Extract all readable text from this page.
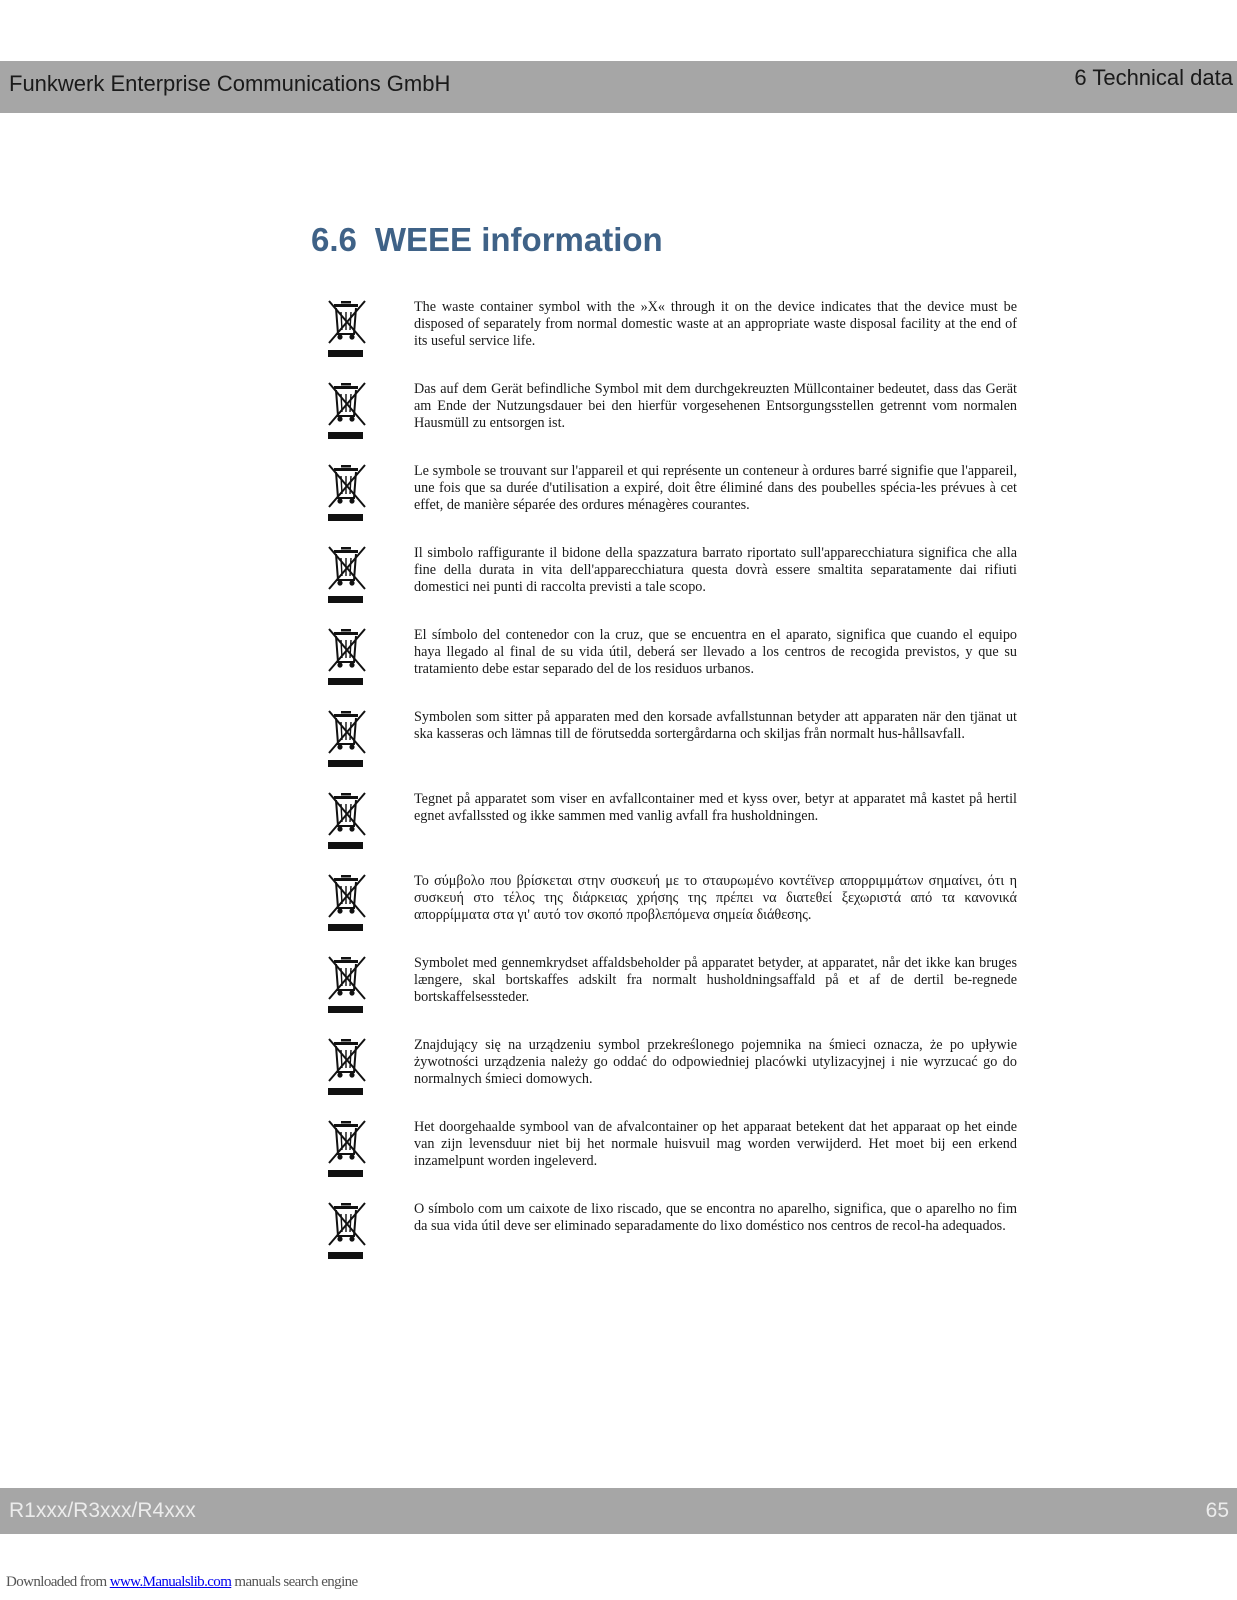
Funkwerk Enterprise Communications GmbH	6 Technical data
6.6 WEEE information
The waste container symbol with the »X« through it on the device indicates that the device must be disposed of separately from normal domestic waste at an appropriate waste disposal facility at the end of its useful service life.
Das auf dem Gerät befindliche Symbol mit dem durchgekreuzten Müllcontainer bedeutet, dass das Gerät am Ende der Nutzungsdauer bei den hierfür vorgesehenen Entsorgungsstellen getrennt vom normalen Hausmüll zu entsorgen ist.
Le symbole se trouvant sur l'appareil et qui représente un conteneur à ordures barré signifie que l'appareil, une fois que sa durée d'utilisation a expiré, doit être éliminé dans des poubelles spécia-les prévues à cet effet, de manière séparée des ordures ménagères courantes.
Il simbolo raffigurante il bidone della spazzatura barrato riportato sull'apparecchiatura significa che alla fine della durata in vita dell'apparecchiatura questa dovrà essere smaltita separatamente dai rifiuti domestici nei punti di raccolta previsti a tale scopo.
El símbolo del contenedor con la cruz, que se encuentra en el aparato, significa que cuando el equipo haya llegado al final de su vida útil, deberá ser llevado a los centros de recogida previstos, y que su tratamiento debe estar separado del de los residuos urbanos.
Symbolen som sitter på apparaten med den korsade avfallstunnan betyder att apparaten när den tjänat ut ska kasseras och lämnas till de förutsedda sortergårdarna och skiljas från normalt hus-hållsavfall.
Tegnet på apparatet som viser en avfallcontainer med et kyss over, betyr at apparatet må kastet på hertil egnet avfallssted og ikke sammen med vanlig avfall fra husholdningen.
Το σύμβολο που βρίσκεται στην συσκευή με το σταυρωμένο κοντέϊνερ απορριμμάτων σημαίνει, ότι η συσκευή στο τέλος της διάρκειας χρήσης της πρέπει να διατεθεί ξεχωριστά από τα κανονικά απορρίμματα στα γι' αυτό τον σκοπό προβλεπόμενα σημεία διάθεσης.
Symbolet med gennemkrydset affaldsbeholder på apparatet betyder, at apparatet, når det ikke kan bruges længere, skal bortskaffes adskilt fra normalt husholdningsaffald på et af de dertil be-regnede bortskaffelsessteder.
Znajdujący się na urządzeniu symbol przekreślonego pojemnika na śmieci oznacza, że po upływie żywotności urządzenia należy go oddać do odpowiedniej placówki utylizacyjnej i nie wyrzucać go do normalnych śmieci domowych.
Het doorgehaalde symbool van de afvalcontainer op het apparaat betekent dat het apparaat op het einde van zijn levensduur niet bij het normale huisvuil mag worden verwijderd. Het moet bij een erkend inzamelpunt worden ingeleverd.
O símbolo com um caixote de lixo riscado, que se encontra no aparelho, significa, que o aparelho no fim da sua vida útil deve ser eliminado separadamente do lixo doméstico nos centros de recol-ha adequados.
R1xxx/R3xxx/R4xxx	65
Downloaded from www.Manualslib.com manuals search engine
